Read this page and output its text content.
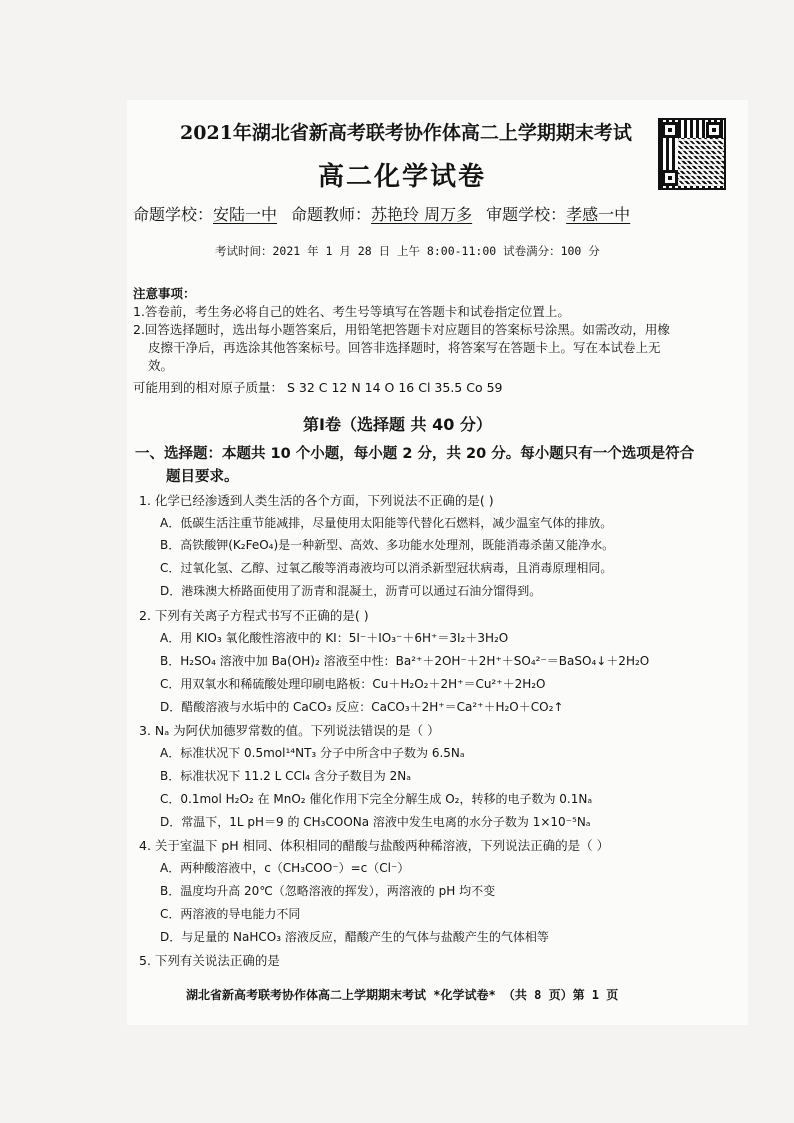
2021年湖北省新高考联考协作体高二上学期期末考试
高二化学试卷
命题学校：安陆一中 命题教师：苏艳玲 周万多 审题学校：孝感一中
考试时间：2021 年 1 月 28 日 上午 8:00-11:00 试卷满分：100 分
注意事项：
1.答卷前，考生务必将自己的姓名、考生号等填写在答题卡和试卷指定位置上。
2.回答选择题时，选出每小题答案后，用铅笔把答题卡对应题目的答案标号涂黑。如需改动，用橡
皮擦干净后，再选涂其他答案标号。回答非选择题时，将答案写在答题卡上。写在本试卷上无
效。
可能用到的相对原子质量： S 32 C 12 N 14 O 16 Cl 35.5 Co 59
第Ⅰ卷（选择题 共 40 分）
一、选择题：本题共 10 个小题，每小题 2 分，共 20 分。每小题只有一个选项是符合
题目要求。
1. 化学已经渗透到人类生活的各个方面，下列说法不正确的是( )
A．低碳生活注重节能减排，尽量使用太阳能等代替化石燃料，减少温室气体的排放。
B．高铁酸钾(K₂FeO₄)是一种新型、高效、多功能水处理剂，既能消毒杀菌又能净水。
C．过氧化氢、乙醇、过氧乙酸等消毒液均可以消杀新型冠状病毒，且消毒原理相同。
D．港珠澳大桥路面使用了沥青和混凝土，沥青可以通过石油分馏得到。
2. 下列有关离子方程式书写不正确的是( )
A．用 KIO₃ 氧化酸性溶液中的 KI：5I⁻＋IO₃⁻＋6H⁺＝3I₂＋3H₂O
B．H₂SO₄ 溶液中加 Ba(OH)₂ 溶液至中性：Ba²⁺＋2OH⁻＋2H⁺＋SO₄²⁻＝BaSO₄↓＋2H₂O
C．用双氧水和稀硫酸处理印刷电路板：Cu＋H₂O₂＋2H⁺＝Cu²⁺＋2H₂O
D．醋酸溶液与水垢中的 CaCO₃ 反应：CaCO₃＋2H⁺＝Ca²⁺＋H₂O＋CO₂↑
3. Nₐ 为阿伏加德罗常数的值。下列说法错误的是（ ）
A．标准状况下 0.5mol¹⁴NT₃ 分子中所含中子数为 6.5Nₐ
B．标准状况下 11.2 L CCl₄ 含分子数目为 2Nₐ
C．0.1mol H₂O₂ 在 MnO₂ 催化作用下完全分解生成 O₂，转移的电子数为 0.1Nₐ
D．常温下，1L pH＝9 的 CH₃COONa 溶液中发生电离的水分子数为 1×10⁻⁵Nₐ
4. 关于室温下 pH 相同、体积相同的醋酸与盐酸两种稀溶液，下列说法正确的是（ ）
A．两种酸溶液中，c（CH₃COO⁻）=c（Cl⁻）
B．温度均升高 20℃（忽略溶液的挥发），两溶液的 pH 均不变
C．两溶液的导电能力不同
D．与足量的 NaHCO₃ 溶液反应，醋酸产生的气体与盐酸产生的气体相等
5. 下列有关说法正确的是
湖北省新高考联考协作体高二上学期期末考试 *化学试卷* （共 8 页）第 1 页
